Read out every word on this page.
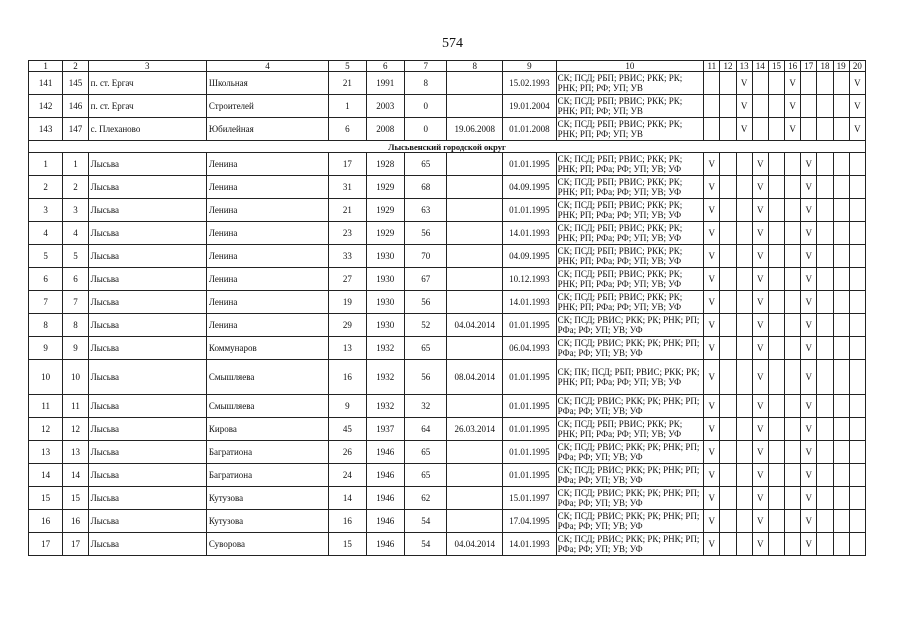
574
1	2	3	4	5	6	7	8	9	10	11	12	13	14	15	16	17	18	19	20
141	145	п. ст. Ергач	Школьная	21	1991	8		15.02.1993	СК; ПСД; РБП; РВИС; РКК; РК; РНК; РП; РФ; УП; УВ			V			V				V
142	146	п. ст. Ергач	Строителей	1	2003	0		19.01.2004	СК; ПСД; РБП; РВИС; РКК; РК; РНК; РП; РФ; УП; УВ			V			V				V
143	147	с. Плеханово	Юбилейная	6	2008	0	19.06.2008	01.01.2008	СК; ПСД; РБП; РВИС; РКК; РК; РНК; РП; РФ; УП; УВ			V			V				V
Лысьвенский городской округ																			
1	1	Лысьва	Ленина	17	1928	65		01.01.1995	СК; ПСД; РБП; РВИС; РКК; РК; РНК; РП; РФа; РФ; УП; УВ; УФ	V			V			V			
2	2	Лысьва	Ленина	31	1929	68		04.09.1995	СК; ПСД; РБП; РВИС; РКК; РК; РНК; РП; РФа; РФ; УП; УВ; УФ	V			V			V			
3	3	Лысьва	Ленина	21	1929	63		01.01.1995	СК; ПСД; РБП; РВИС; РКК; РК; РНК; РП; РФа; РФ; УП; УВ; УФ	V			V			V			
4	4	Лысьва	Ленина	23	1929	56		14.01.1993	СК; ПСД; РБП; РВИС; РКК; РК; РНК; РП; РФа; РФ; УП; УВ; УФ	V			V			V			
5	5	Лысьва	Ленина	33	1930	70		04.09.1995	СК; ПСД; РБП; РВИС; РКК; РК; РНК; РП; РФа; РФ; УП; УВ; УФ	V			V			V			
6	6	Лысьва	Ленина	27	1930	67		10.12.1993	СК; ПСД; РБП; РВИС; РКК; РК; РНК; РП; РФа; РФ; УП; УВ; УФ	V			V			V			
7	7	Лысьва	Ленина	19	1930	56		14.01.1993	СК; ПСД; РБП; РВИС; РКК; РК; РНК; РП; РФа; РФ; УП; УВ; УФ	V			V			V			
8	8	Лысьва	Ленина	29	1930	52	04.04.2014	01.01.1995	СК; ПСД; РВИС; РКК; РК; РНК; РП; РФа; РФ; УП; УВ; УФ	V			V			V			
9	9	Лысьва	Коммунаров	13	1932	65		06.04.1993	СК; ПСД; РВИС; РКК; РК; РНК; РП; РФа; РФ; УП; УВ; УФ	V			V			V			
10	10	Лысьва	Смышляева	16	1932	56	08.04.2014	01.01.1995	СК; ПК; ПСД; РБП; РВИС; РКК; РК; РНК; РП; РФа; РФ; УП; УВ; УФ	V			V			V			
11	11	Лысьва	Смышляева	9	1932	32		01.01.1995	СК; ПСД; РВИС; РКК; РК; РНК; РП; РФа; РФ; УП; УВ; УФ	V			V			V			
12	12	Лысьва	Кирова	45	1937	64	26.03.2014	01.01.1995	СК; ПСД; РБП; РВИС; РКК; РК; РНК; РП; РФа; РФ; УП; УВ; УФ	V			V			V			
13	13	Лысьва	Багратиона	26	1946	65		01.01.1995	СК; ПСД; РВИС; РКК; РК; РНК; РП; РФа; РФ; УП; УВ; УФ	V			V			V			
14	14	Лысьва	Багратиона	24	1946	65		01.01.1995	СК; ПСД; РВИС; РКК; РК; РНК; РП; РФа; РФ; УП; УВ; УФ	V			V			V			
15	15	Лысьва	Кутузова	14	1946	62		15.01.1997	СК; ПСД; РВИС; РКК; РК; РНК; РП; РФа; РФ; УП; УВ; УФ	V			V			V			
16	16	Лысьва	Кутузова	16	1946	54		17.04.1995	СК; ПСД; РВИС; РКК; РК; РНК; РП; РФа; РФ; УП; УВ; УФ	V			V			V			
17	17	Лысьва	Суворова	15	1946	54	04.04.2014	14.01.1993	СК; ПСД; РВИС; РКК; РК; РНК; РП; РФа; РФ; УП; УВ; УФ	V			V			V			
